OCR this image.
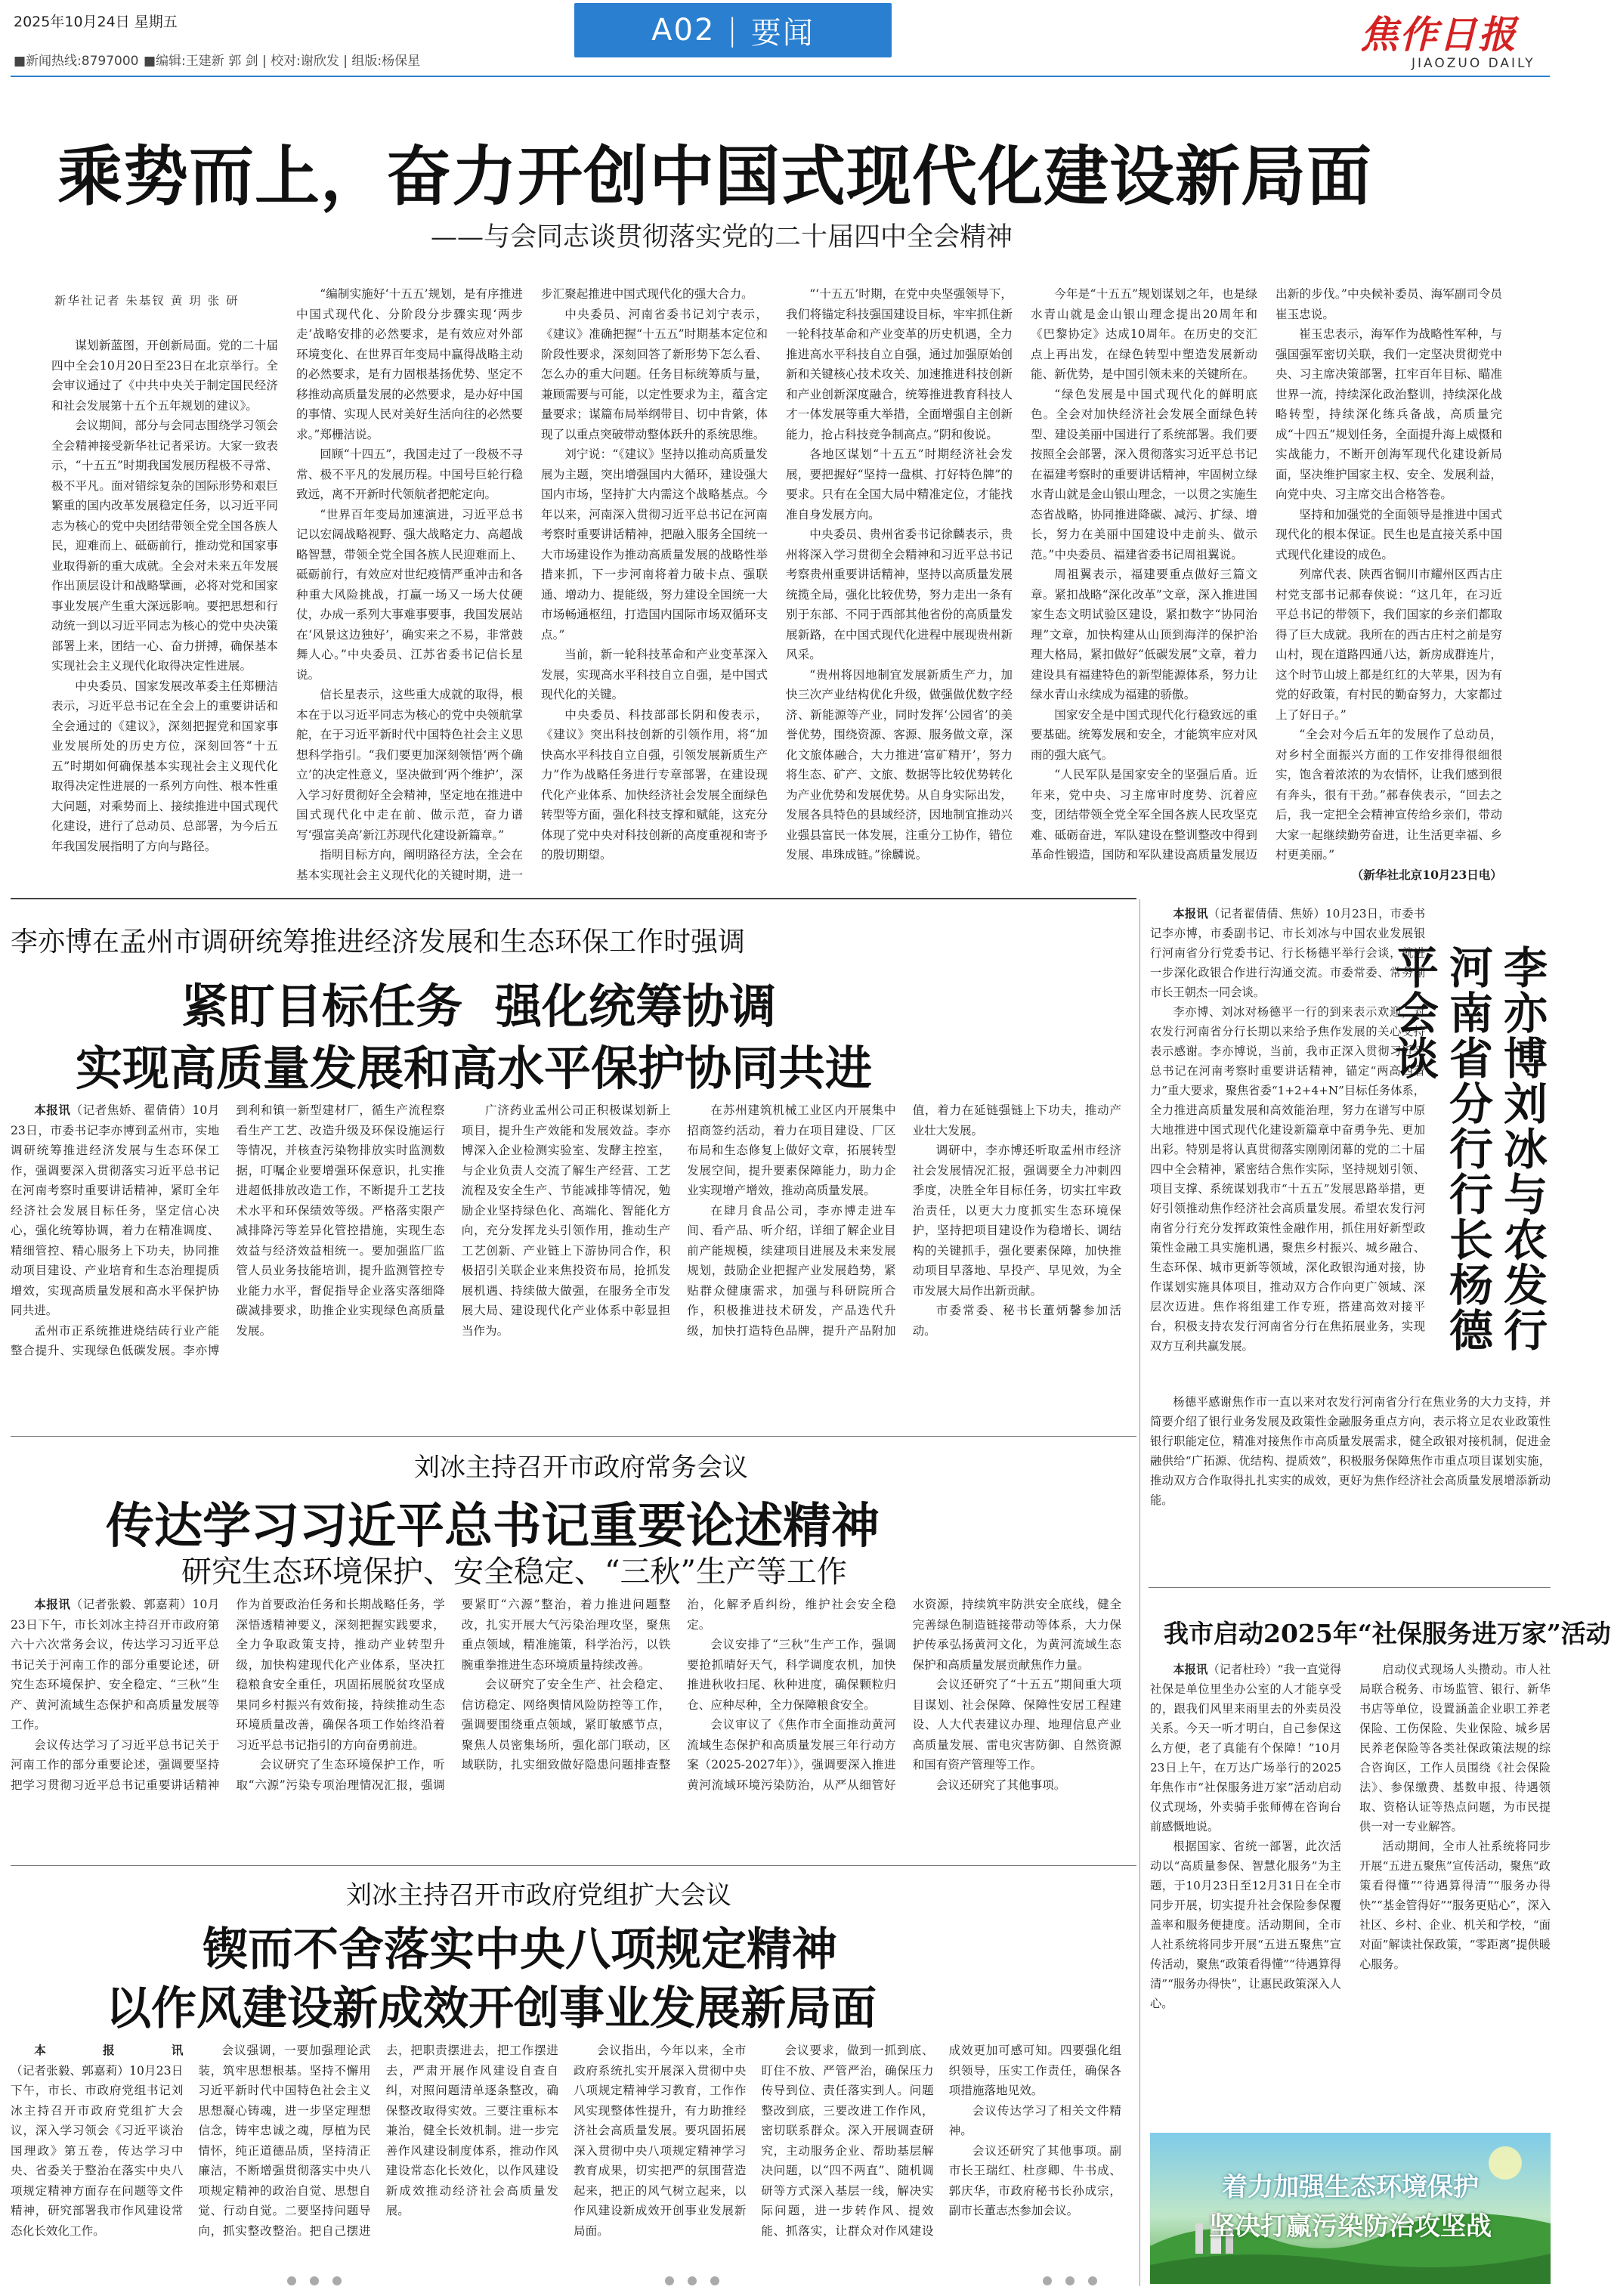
2025年10月24日 星期五
■新闻热线:8797000 ■编辑:王建新 郭 剑 | 校对:谢欣发 | 组版:杨保星
A02 | 要闻	焦作日报
JIAOZUO DAILY
乘势而上，奋力开创中国式现代化建设新局面
——与会同志谈贯彻落实党的二十届四中全会精神
新华社记者 朱基钗 黄 玥 张 研

谋划新蓝图，开创新局面。党的二十届四中全会10月20日至23日在北京举行。全会审议通过了《中共中央关于制定国民经济和社会发展第十五个五年规划的建议》。

会议期间，部分与会同志围绕学习领会全会精神接受新华社记者采访。大家一致表示，“十五五”时期我国发展历程极不寻常、极不平凡。面对错综复杂的国际形势和艰巨繁重的国内改革发展稳定任务，以习近平同志为核心的党中央团结带领全党全国各族人民，迎难而上、砥砺前行，推动党和国家事业取得新的重大成就。全会对未来五年发展作出顶层设计和战略擘画，必将对党和国家事业发展产生重大深远影响。要把思想和行动统一到以习近平同志为核心的党中央决策部署上来，团结一心、奋力拼搏，确保基本实现社会主义现代化取得决定性进展。

中央委员、国家发展改革委主任郑栅洁表示，习近平总书记在全会上的重要讲话和全会通过的《建议》，深刻把握党和国家事业发展所处的历史方位，深刻回答“十五五”时期如何确保基本实现社会主义现代化取得决定性进展的一系列方向性、根本性重大问题，对乘势而上、接续推进中国式现代化建设，进行了总动员、总部署，为今后五年我国发展指明了方向与路径。

“编制实施好‘十五五’规划，是有序推进中国式现代化、分阶段分步骤实现‘两步走’战略安排的必然要求，是有效应对外部环境变化、在世界百年变局中赢得战略主动的必然要求，是有力固根基扬优势、坚定不移推动高质量发展的必然要求，是办好中国的事情、实现人民对美好生活向往的必然要求。”郑栅洁说。

回顾“十四五”，我国走过了一段极不寻常、极不平凡的发展历程。中国号巨轮行稳致远，离不开新时代领航者把舵定向。

“世界百年变局加速演进，习近平总书记以宏阔战略视野、强大战略定力、高超战略智慧，带领全党全国各族人民迎难而上、砥砺前行，有效应对世纪疫情严重冲击和各种重大风险挑战，打赢一场又一场大仗硬仗，办成一系列大事难事要事，我国发展站在‘风景这边独好’，确实来之不易，非常鼓舞人心。”中央委员、江苏省委书记信长星说。

信长星表示，这些重大成就的取得，根本在于以习近平同志为核心的党中央领航掌舵，在于习近平新时代中国特色社会主义思想科学指引。“我们要更加深刻领悟‘两个确立’的决定性意义，坚决做到‘两个维护’，深入学习好贯彻好全会精神，坚定地在推进中国式现代化中走在前、做示范，奋力谱写‘强富美高’新江苏现代化建设新篇章。”

指明目标方向，阐明路径方法，全会在基本实现社会主义现代化的关键时期，进一步汇聚起推进中国式现代化的强大合力。

中央委员、河南省委书记刘宁表示，《建议》准确把握“十五五”时期基本定位和阶段性要求，深刻回答了新形势下怎么看、怎么办的重大问题。任务目标统筹质与量，兼顾需要与可能，以定性要求为主，蕴含定量要求；谋篇布局举纲带目、切中肯綮，体现了以重点突破带动整体跃升的系统思维。

刘宁说：“《建议》坚持以推动高质量发展为主题，突出增强国内大循环，建设强大国内市场，坚持扩大内需这个战略基点。今年以来，河南深入贯彻习近平总书记在河南考察时重要讲话精神，把融入服务全国统一大市场建设作为推动高质量发展的战略性举措来抓，下一步河南将着力破卡点、强联通、增动力、提能级，努力建设全国统一大市场畅通枢纽，打造国内国际市场双循环支点。”

当前，新一轮科技革命和产业变革深入发展，实现高水平科技自立自强，是中国式现代化的关键。

中央委员、科技部部长阴和俊表示，《建议》突出科技创新的引领作用，将“加快高水平科技自立自强，引领发展新质生产力”作为战略任务进行专章部署，在建设现代化产业体系、加快经济社会发展全面绿色转型等方面，强化科技支撑和赋能，这充分体现了党中央对科技创新的高度重视和寄予的殷切期望。

“‘十五五’时期，在党中央坚强领导下，我们将锚定科技强国建设目标，牢牢抓住新一轮科技革命和产业变革的历史机遇，全力推进高水平科技自立自强，通过加强原始创新和关键核心技术攻关、加速推进科技创新和产业创新深度融合，统筹推进教育科技人才一体发展等重大举措，全面增强自主创新能力，抢占科技竞争制高点。”阴和俊说。

各地区谋划“十五五”时期经济社会发展，要把握好“坚持一盘棋、打好特色牌”的要求。只有在全国大局中精准定位，才能找准自身发展方向。

中央委员、贵州省委书记徐麟表示，贵州将深入学习贯彻全会精神和习近平总书记考察贵州重要讲话精神，坚持以高质量发展统揽全局，强化比较优势，努力走出一条有别于东部、不同于西部其他省份的高质量发展新路，在中国式现代化进程中展现贵州新风采。

“贵州将因地制宜发展新质生产力，加快三次产业结构优化升级，做强做优数字经济、新能源等产业，同时发挥‘公园省’的美誉优势，围绕资源、客源、服务做文章，深化文旅体融合，大力推进‘富矿精开’，努力将生态、矿产、文旅、数据等比较优势转化为产业优势和发展优势。从自身实际出发，发展各具特色的县域经济，因地制宜推动兴业强县富民一体发展，注重分工协作，错位发展、串珠成链。”徐麟说。

今年是“十五五”规划谋划之年，也是绿水青山就是金山银山理念提出20周年和《巴黎协定》达成10周年。在历史的交汇点上再出发，在绿色转型中塑造发展新动能、新优势，是中国引领未来的关键所在。

“绿色发展是中国式现代化的鲜明底色。全会对加快经济社会发展全面绿色转型、建设美丽中国进行了系统部署。我们要按照全会部署，深入贯彻落实习近平总书记在福建考察时的重要讲话精神，牢固树立绿水青山就是金山银山理念，一以贯之实施生态省战略，协同推进降碳、减污、扩绿、增长，努力在美丽中国建设中走前头、做示范。”中央委员、福建省委书记周祖翼说。

周祖翼表示，福建要重点做好三篇文章。紧扣战略“深化改革”文章，深入推进国家生态文明试验区建设，紧扣数字“协同治理”文章，加快构建从山顶到海洋的保护治理大格局，紧扣做好“低碳发展”文章，着力建设具有福建特色的新型能源体系，努力让绿水青山永续成为福建的骄傲。

国家安全是中国式现代化行稳致远的重要基础。统筹发展和安全，才能筑牢应对风雨的强大底气。

“人民军队是国家安全的坚强后盾。近年来，党中央、习主席审时度势、沉着应变，团结带领全党全军全国各族人民攻坚克难、砥砺奋进，军队建设在整训整改中得到革命性锻造，国防和军队建设高质量发展迈出新的步伐。”中央候补委员、海军副司令员崔玉忠说。

崔玉忠表示，海军作为战略性军种，与强国强军密切关联，我们一定坚决贯彻党中央、习主席决策部署，扛牢百年目标、瞄准世界一流，持续深化政治整训，持续深化战略转型，持续深化练兵备战，高质量完成“十四五”规划任务，全面提升海上威慑和实战能力，不断开创海军现代化建设新局面，坚决维护国家主权、安全、发展利益，向党中央、习主席交出合格答卷。

坚持和加强党的全面领导是推进中国式现代化的根本保证。民生也是直接关系中国式现代化建设的成色。

列席代表、陕西省铜川市耀州区西古庄村党支部书记郝春侠说：“这几年，在习近平总书记的带领下，我们国家的乡亲们都取得了巨大成就。我所在的西古庄村之前是穷山村，现在道路四通八达，新房成群连片，这个时节山坡上都是红红的大苹果，因为有党的好政策，有村民的勤奋努力，大家都过上了好日子。”

“全会对今后五年的发展作了总动员，对乡村全面振兴方面的工作安排得很细很实，饱含着浓浓的为农情怀，让我们感到很有奔头，很有干劲。”郝春侠表示，“回去之后，我一定把全会精神宣传给乡亲们，带动大家一起继续勤劳奋进，让生活更幸福、乡村更美丽。”

（新华社北京10月23日电）

李亦博在孟州市调研统筹推进经济发展和生态环保工作时强调
紧盯目标任务  强化统筹协调
实现高质量发展和高水平保护协同共进

本报讯（记者焦娇、翟倩倩）10月23日，市委书记李亦博到孟州市，实地调研统筹推进经济发展与生态环保工作，强调要深入贯彻落实习近平总书记在河南考察时重要讲话精神，紧盯全年经济社会发展目标任务，坚定信心决心，强化统筹协调，着力在精准调度、精细管控、精心服务上下功夫，协同推动项目建设、产业培育和生态治理提质增效，实现高质量发展和高水平保护协同共进。

孟州市正系统推进烧结砖行业产能整合提升、实现绿色低碳发展。李亦博到利和镇一新型建材厂，循生产流程察看生产工艺、改造升级及环保设施运行等情况，并核查污染物排放实时监测数据，叮嘱企业要增强环保意识，扎实推进超低排放改造工作，不断提升工艺技术水平和环保绩效等级。严格落实限产减排降污等差异化管控措施，实现生态效益与经济效益相统一。要加强监厂监管人员业务技能培训，提升监测管控专业能力水平，督促指导企业落实落细降碳减排要求，助推企业实现绿色高质量发展。

广济药业孟州公司正积极谋划新上项目，提升生产效能和发展效益。李亦博深入企业检测实验室、发酵主控室，与企业负责人交流了解生产经营、工艺流程及安全生产、节能减排等情况，勉励企业坚持绿色化、高端化、智能化方向，充分发挥龙头引领作用，推动生产工艺创新、产业链上下游协同合作，积极招引关联企业来焦投资布局，抢抓发展机遇、持续做大做强，在服务全市发展大局、建设现代化产业体系中彰显担当作为。

在苏州建筑机械工业区内开展集中招商签约活动，着力在项目建设、厂区布局和生态修复上做好文章，拓展转型发展空间，提升要素保障能力，助力企业实现增产增效，推动高质量发展。

在肆月食品公司，李亦博走进车间、看产品、听介绍，详细了解企业目前产能规模，续建项目进展及未来发展规划，鼓励企业把握产业发展趋势，紧贴群众健康需求，加强与科研院所合作，积极推进技术研发，产品迭代升级，加快打造特色品牌，提升产品附加值，着力在延链强链上下功夫，推动产业壮大发展。

调研中，李亦博还听取孟州市经济社会发展情况汇报，强调要全力冲刺四季度，决胜全年目标任务，切实扛牢政治责任，以更大力度抓实生态环境保护，坚持把项目建设作为稳增长、调结构的关键抓手，强化要素保障，加快推动项目早落地、早投产、早见效，为全市发展大局作出新贡献。

市委常委、秘书长董炳馨参加活动。

刘冰主持召开市政府常务会议
传达学习习近平总书记重要论述精神
研究生态环境保护、安全稳定、“三秋”生产等工作

本报讯（记者张毅、郭嘉莉）10月23日下午，市长刘冰主持召开市政府第六十六次常务会议，传达学习习近平总书记关于河南工作的部分重要论述，研究生态环境保护、安全稳定、“三秋”生产、黄河流域生态保护和高质量发展等工作。

会议传达学习了习近平总书记关于河南工作的部分重要论述，强调要坚持把学习贯彻习近平总书记重要讲话精神作为首要政治任务和长期战略任务，学深悟透精神要义，深刻把握实践要求，全力争取政策支持，推动产业转型升级，加快构建现代化产业体系，坚决扛稳粮食安全重任，巩固拓展脱贫攻坚成果同乡村振兴有效衔接，持续推动生态环境质量改善，确保各项工作始终沿着习近平总书记指引的方向奋勇前进。

会议研究了生态环境保护工作，听取“六源”污染专项治理情况汇报，强调要紧盯“六源”整治，着力推进问题整改，扎实开展大气污染治理攻坚，聚焦重点领域，精准施策，科学治污，以铁腕重拳推进生态环境质量持续改善。

会议研究了安全生产、社会稳定、信访稳定、网络舆情风险防控等工作，强调要围绕重点领域，紧盯敏感节点，聚焦人员密集场所，强化部门联动，区域联防，扎实细致做好隐患问题排查整治，化解矛盾纠纷，维护社会安全稳定。

会议安排了“三秋”生产工作，强调要抢抓晴好天气，科学调度农机，加快推进秋收扫尾、秋种进度，确保颗粒归仓、应种尽种，全力保障粮食安全。

会议审议了《焦作市全面推动黄河流域生态保护和高质量发展三年行动方案（2025-2027年）》，强调要深入推进黄河流域环境污染防治，从严从细管好水资源，持续筑牢防洪安全底线，健全完善绿色制造链接带动等体系，大力保护传承弘扬黄河文化，为黄河流域生态保护和高质量发展贡献焦作力量。

会议还研究了“十五五”期间重大项目谋划、社会保障、保障性安居工程建设、人大代表建议办理、地理信息产业高质量发展、雷电灾害防御、自然资源和国有资产管理等工作。

会议还研究了其他事项。

刘冰主持召开市政府党组扩大会议
锲而不舍落实中央八项规定精神
以作风建设新成效开创事业发展新局面

本报讯（记者张毅、郭嘉莉）10月23日下午，市长、市政府党组书记刘冰主持召开市政府党组扩大会议，深入学习领会《习近平谈治国理政》第五卷，传达学习中央、省委关于整治在落实中央八项规定精神方面存在问题等文件精神，研究部署我市作风建设常态化长效化工作。

会议强调，一要加强理论武装，筑牢思想根基。坚持不懈用习近平新时代中国特色社会主义思想凝心铸魂，进一步坚定理想信念，铸牢忠诚之魂，厚植为民情怀，纯正道德品质，坚持清正廉洁，不断增强贯彻落实中央八项规定精神的政治自觉、思想自觉、行动自觉。二要坚持问题导向，抓实整改整治。把自己摆进去，把职责摆进去，把工作摆进去，严肃开展作风建设自查自纠，对照问题清单逐条整改，确保整改取得实效。三要注重标本兼治，健全长效机制。进一步完善作风建设制度体系，推动作风建设常态化长效化，以作风建设新成效推动经济社会高质量发展。

会议指出，今年以来，全市政府系统扎实开展深入贯彻中央八项规定精神学习教育，工作作风实现整体性提升，有力助推经济社会高质量发展。要巩固拓展深入贯彻中央八项规定精神学习教育成果，切实把严的氛围营造起来，把正的风气树立起来，以作风建设新成效开创事业发展新局面。

会议要求，做到一抓到底、盯住不放、严管严治，确保压力传导到位、责任落实到人。问题整改到底，三要改进工作作风，密切联系群众。深入开展调查研究，主动服务企业、帮助基层解决问题，以“四不两直”、随机调研等方式深入基层一线，解决实际问题，进一步转作风、提效能、抓落实，让群众对作风建设成效更加可感可知。四要强化组织领导，压实工作责任，确保各项措施落地见效。

会议传达学习了相关文件精神。

会议还研究了其他事项。副市长王瑞红、杜彦卿、牛书成、郭庆华，市政府秘书长孙成宗，副市长董志杰参加会议。

本报讯（记者翟倩倩、焦娇）10月23日，市委书记李亦博，市委副书记、市长刘冰与中国农业发展银行河南省分行党委书记、行长杨德平举行会谈，就进一步深化政银合作进行沟通交流。市委常委、常务副市长王朝杰一同会谈。

李亦博、刘冰对杨德平一行的到来表示欢迎，对农发行河南省分行长期以来给予焦作发展的关心支持表示感谢。李亦博说，当前，我市正深入贯彻习近平总书记在河南考察时重要讲话精神，锚定“两高四着力”重大要求，聚焦省委“1+2+4+N”目标任务体系，全力推进高质量发展和高效能治理，努力在谱写中原大地推进中国式现代化建设新篇章中奋勇争先、更加出彩。特别是将认真贯彻落实刚刚闭幕的党的二十届四中全会精神，紧密结合焦作实际，坚持规划引领、项目支撑、系统谋划我市“十五五”发展思路举措，更好引领推动焦作经济社会高质量发展。希望农发行河南省分行充分发挥政策性金融作用，抓住用好新型政策性金融工具实施机遇，聚焦乡村振兴、城乡融合、生态环保、城市更新等领域，深化政银沟通对接，协作谋划实施具体项目，推动双方合作向更广领域、深层次迈进。焦作将组建工作专班，搭建高效对接平台，积极支持农发行河南省分行在焦拓展业务，实现双方互利共赢发展。	李亦博刘冰与农发行河南省分行行长杨德平会谈

杨德平感谢焦作市一直以来对农发行河南省分行在焦业务的大力支持，并简要介绍了银行业务发展及政策性金融服务重点方向，表示将立足农业政策性银行职能定位，精准对接焦作市高质量发展需求，健全政银对接机制，促进金融供给“广拓源、优结构、提质效”，积极服务保障焦作市重点项目谋划实施，推动双方合作取得扎扎实实的成效，更好为焦作经济社会高质量发展增添新动能。

我市启动2025年“社保服务进万家”活动

本报讯（记者杜玲）“我一直觉得社保是单位里坐办公室的人才能享受的，跟我们风里来雨里去的外卖员没关系。今天一听才明白，自己参保这么方便，老了真能有个保障！”10月23日上午，在万达广场举行的2025年焦作市“社保服务进万家”活动启动仪式现场，外卖骑手张师傅在咨询台前感慨地说。

根据国家、省统一部署，此次活动以“高质量参保、智慧化服务”为主题，于10月23日至12月31日在全市同步开展，切实提升社会保险参保覆盖率和服务便捷度。活动期间，全市人社系统将同步开展“五进五聚焦”宣传活动，聚焦“政策看得懂”“待遇算得清”“服务办得快”，让惠民政策深入人心。

启动仪式现场人头攒动。市人社局联合税务、市场监管、银行、新华书店等单位，设置涵盖企业职工养老保险、工伤保险、失业保险、城乡居民养老保险等各类社保政策法规的综合咨询区，工作人员围绕《社会保险法》、参保缴费、基数申报、待遇领取、资格认证等热点问题，为市民提供一对一专业解答。

活动期间，全市人社系统将同步开展“五进五聚焦”宣传活动，聚焦“政策看得懂”“待遇算得清”“服务办得快”“基金管得好”“服务更贴心”，深入社区、乡村、企业、机关和学校，“面对面”解读社保政策，“零距离”提供暖心服务。

着力加强生态环境保护
坚决打赢污染防治攻坚战
